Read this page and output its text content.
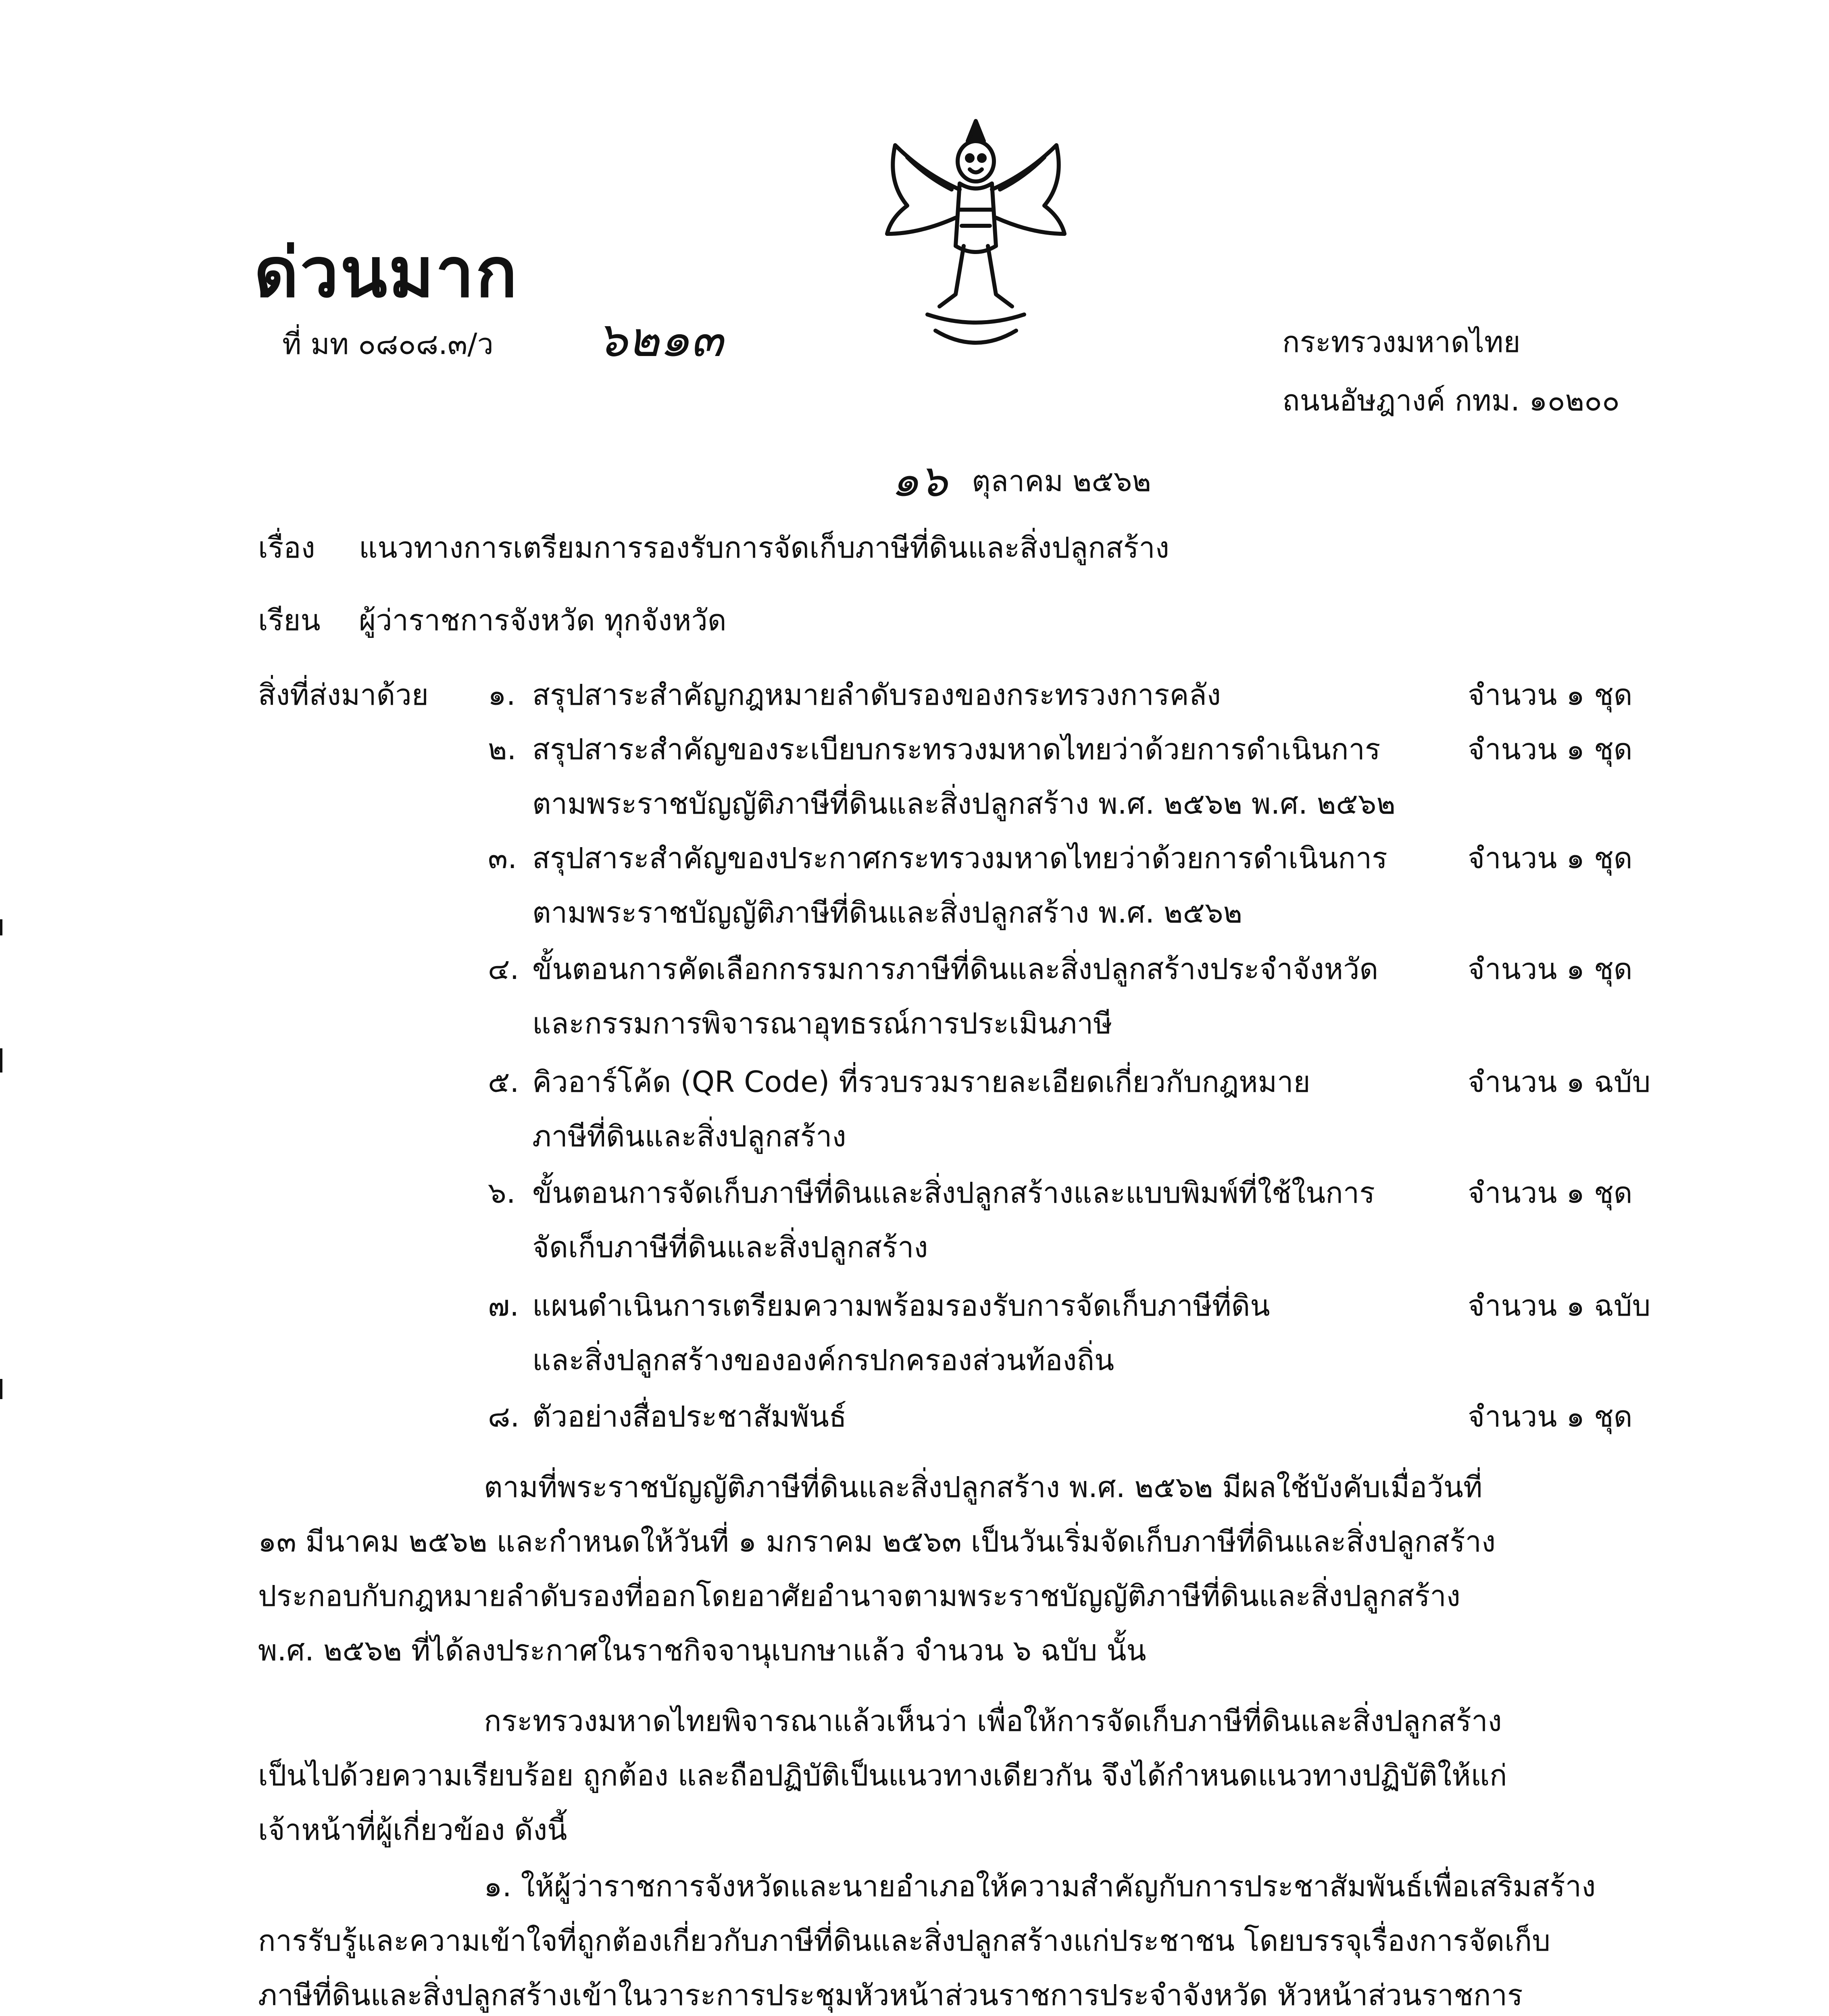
ด่วนมาก
ที่ มท ๐๘๐๘.๓/ว ๖๒๑๓	กระทรวงมหาดไทย
ถนนอัษฎางค์ กทม. ๑๐๒๐๐
๑๖ ตุลาคม ๒๕๖๒
เรื่อง แนวทางการเตรียมการรองรับการจัดเก็บภาษีที่ดินและสิ่งปลูกสร้าง
เรียน ผู้ว่าราชการจังหวัด ทุกจังหวัด
สิ่งที่ส่งมาด้วย ๑. สรุปสาระสำคัญกฎหมายลำดับรองของกระทรวงการคลัง	จำนวน ๑ ชุด
๒. สรุปสาระสำคัญของระเบียบกระทรวงมหาดไทยว่าด้วยการดำเนินการ	จำนวน ๑ ชุด
ตามพระราชบัญญัติภาษีที่ดินและสิ่งปลูกสร้าง พ.ศ. ๒๕๖๒ พ.ศ. ๒๕๖๒
๓. สรุปสาระสำคัญของประกาศกระทรวงมหาดไทยว่าด้วยการดำเนินการ	จำนวน ๑ ชุด
ตามพระราชบัญญัติภาษีที่ดินและสิ่งปลูกสร้าง พ.ศ. ๒๕๖๒
๔. ขั้นตอนการคัดเลือกกรรมการภาษีที่ดินและสิ่งปลูกสร้างประจำจังหวัด	จำนวน ๑ ชุด
และกรรมการพิจารณาอุทธรณ์การประเมินภาษี
๕. คิวอาร์โค้ด (QR Code) ที่รวบรวมรายละเอียดเกี่ยวกับกฎหมาย	จำนวน ๑ ฉบับ
ภาษีที่ดินและสิ่งปลูกสร้าง
๖. ขั้นตอนการจัดเก็บภาษีที่ดินและสิ่งปลูกสร้างและแบบพิมพ์ที่ใช้ในการ	จำนวน ๑ ชุด
จัดเก็บภาษีที่ดินและสิ่งปลูกสร้าง
๗. แผนดำเนินการเตรียมความพร้อมรองรับการจัดเก็บภาษีที่ดิน	จำนวน ๑ ฉบับ
และสิ่งปลูกสร้างขององค์กรปกครองส่วนท้องถิ่น
๘. ตัวอย่างสื่อประชาสัมพันธ์	จำนวน ๑ ชุด
ตามที่พระราชบัญญัติภาษีที่ดินและสิ่งปลูกสร้าง พ.ศ. ๒๕๖๒ มีผลใช้บังคับเมื่อวันที่
๑๓ มีนาคม ๒๕๖๒ และกำหนดให้วันที่ ๑ มกราคม ๒๕๖๓ เป็นวันเริ่มจัดเก็บภาษีที่ดินและสิ่งปลูกสร้าง
ประกอบกับกฎหมายลำดับรองที่ออกโดยอาศัยอำนาจตามพระราชบัญญัติภาษีที่ดินและสิ่งปลูกสร้าง
พ.ศ. ๒๕๖๒ ที่ได้ลงประกาศในราชกิจจานุเบกษาแล้ว จำนวน ๖ ฉบับ นั้น
กระทรวงมหาดไทยพิจารณาแล้วเห็นว่า เพื่อให้การจัดเก็บภาษีที่ดินและสิ่งปลูกสร้าง
เป็นไปด้วยความเรียบร้อย ถูกต้อง และถือปฏิบัติเป็นแนวทางเดียวกัน จึงได้กำหนดแนวทางปฏิบัติให้แก่
เจ้าหน้าที่ผู้เกี่ยวข้อง ดังนี้
๑. ให้ผู้ว่าราชการจังหวัดและนายอำเภอให้ความสำคัญกับการประชาสัมพันธ์เพื่อเสริมสร้าง
การรับรู้และความเข้าใจที่ถูกต้องเกี่ยวกับภาษีที่ดินและสิ่งปลูกสร้างแก่ประชาชน โดยบรรจุเรื่องการจัดเก็บ
ภาษีที่ดินและสิ่งปลูกสร้างเข้าในวาระการประชุมหัวหน้าส่วนราชการประจำจังหวัด หัวหน้าส่วนราชการ
